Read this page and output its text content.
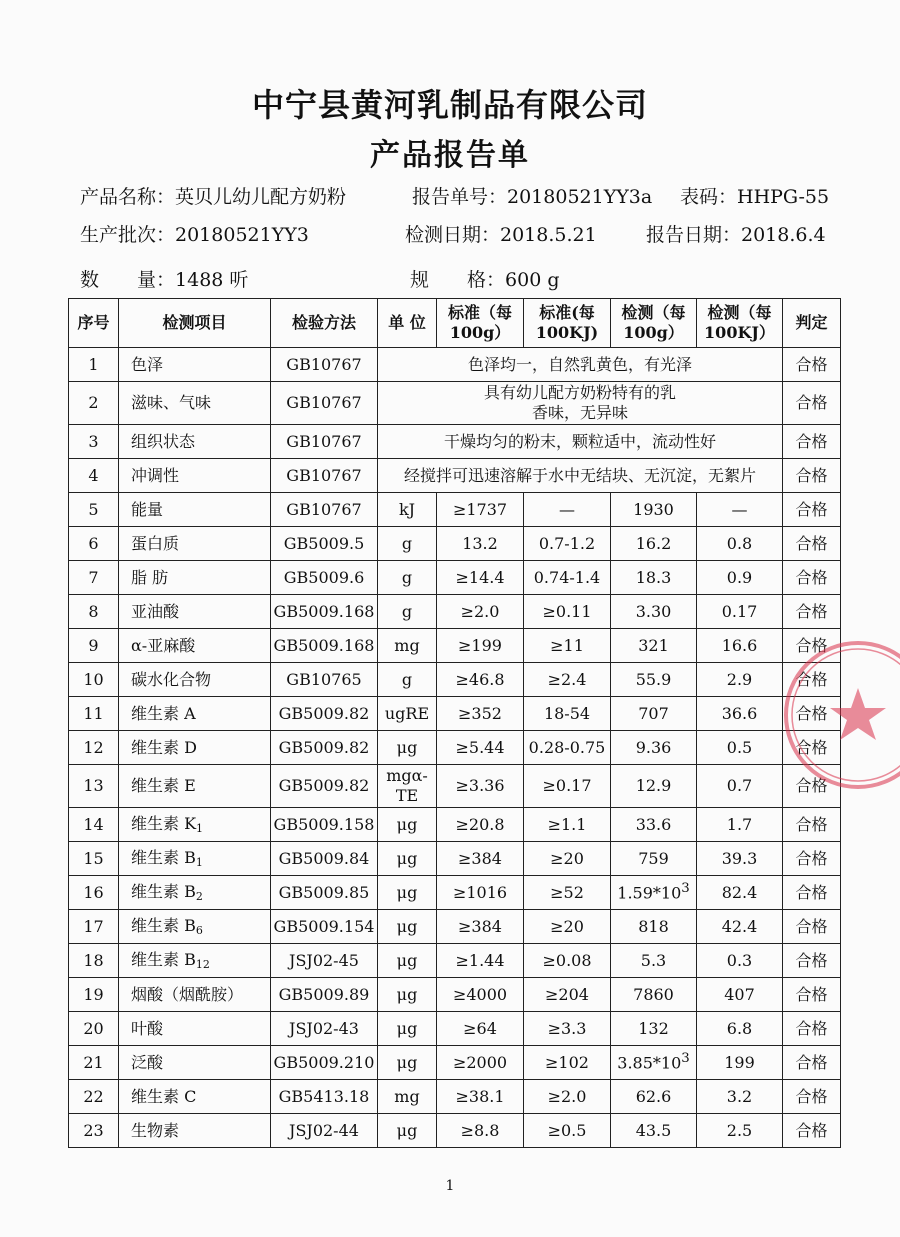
中宁县黄河乳制品有限公司
产品报告单
产品名称：英贝儿幼儿配方奶粉	报告单号：20180521YY3a 表码：HHPG-55
生产批次：20180521YY3	检测日期：2018.5.21	报告日期：2018.6.4
数　　量：1488 听	规　　格：600 g
序号	检测项目	检验方法	单 位	标准（每100g）	标准(每100KJ)	检测（每100g）	检测（每100KJ）	判定
1	色泽	GB10767	色泽均一，自然乳黄色，有光泽					合格
2	滋味、气味	GB10767	具有幼儿配方奶粉特有的乳
香味，无异味					合格
3	组织状态	GB10767	干燥均匀的粉末，颗粒适中，流动性好					合格
4	冲调性	GB10767	经搅拌可迅速溶解于水中无结块、无沉淀，无絮片					合格
5	能量	GB10767	kJ	≥1737	—	1930	—	合格
6	蛋白质	GB5009.5	g	13.2	0.7-1.2	16.2	0.8	合格
7	脂 肪	GB5009.6	g	≥14.4	0.74-1.4	18.3	0.9	合格
8	亚油酸	GB5009.168	g	≥2.0	≥0.11	3.30	0.17	合格
9	α-亚麻酸	GB5009.168	mg	≥199	≥11	321	16.6	合格
10	碳水化合物	GB10765	g	≥46.8	≥2.4	55.9	2.9	合格
11	维生素 A	GB5009.82	ugRE	≥352	18-54	707	36.6	合格
12	维生素 D	GB5009.82	μg	≥5.44	0.28-0.75	9.36	0.5	合格
13	维生素 E	GB5009.82	mgα-TE	≥3.36	≥0.17	12.9	0.7	合格
14	维生素 $K_1$	GB5009.158	μg	≥20.8	≥1.1	33.6	1.7	合格
15	维生素 $B_1$	GB5009.84	μg	≥384	≥20	759	39.3	合格
16	维生素 $B_2$	GB5009.85	μg	≥1016	≥52	$1.59*10^3$	82.4	合格
17	维生素 $B_6$	GB5009.154	μg	≥384	≥20	818	42.4	合格
18	维生素 $B_{12}$	JSJ02-45	μg	≥1.44	≥0.08	5.3	0.3	合格
19	烟酸（烟酰胺）	GB5009.89	μg	≥4000	≥204	7860	407	合格
20	叶酸	JSJ02-43	μg	≥64	≥3.3	132	6.8	合格
21	泛酸	GB5009.210	μg	≥2000	≥102	$3.85*10^3$	199	合格
22	维生素 C	GB5413.18	mg	≥38.1	≥2.0	62.6	3.2	合格
23	生物素	JSJ02-44	μg	≥8.8	≥0.5	43.5	2.5	合格
1
